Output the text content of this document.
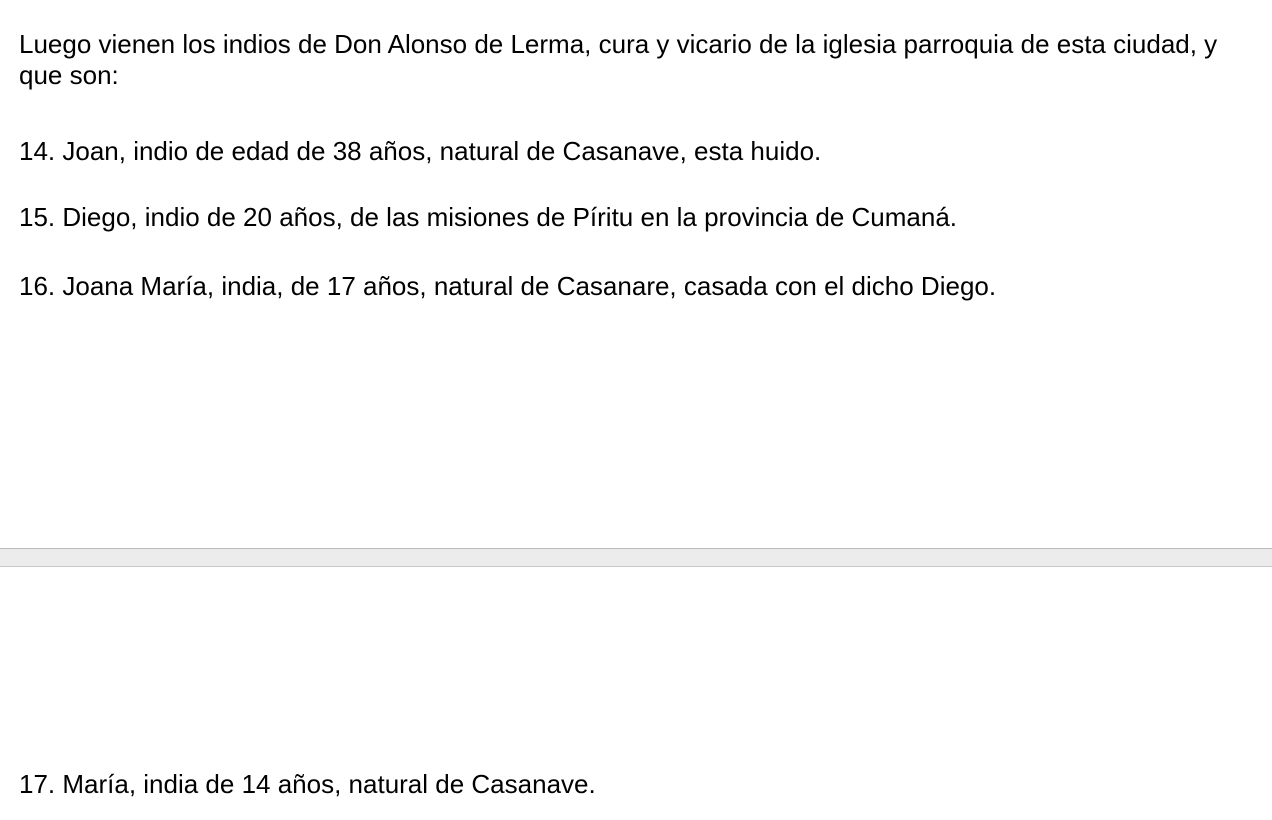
Luego vienen los indios de Don Alonso de Lerma, cura y vicario de la iglesia parroquia de esta ciudad, y que son:

14. Joan, indio de edad de 38 años, natural de Casanave, esta huido.

15. Diego, indio de 20 años, de las misiones de Píritu en la provincia de Cumaná.

16. Joana María, india, de 17 años, natural de Casanare, casada con el dicho Diego.

17. María, india de 14 años, natural de Casanave.
